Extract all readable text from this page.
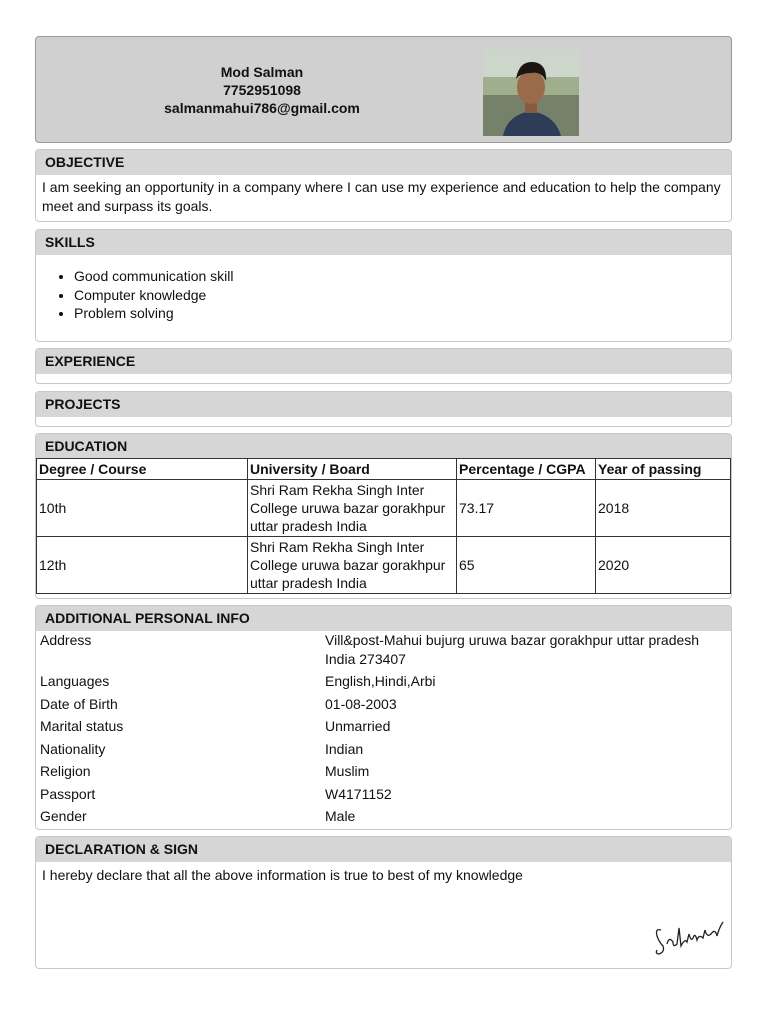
Mod Salman
7752951098
salmanmahui786@gmail.com
OBJECTIVE
I am seeking an opportunity in a company where I can use my experience and education to help the company meet and surpass its goals.
SKILLS
• Good communication skill
• Computer knowledge
• Problem solving
EXPERIENCE
PROJECTS
EDUCATION
Degree / Course	University / Board	Percentage / CGPA	Year of passing
10th	Shri Ram Rekha Singh Inter College uruwa bazar gorakhpur uttar pradesh India	73.17	2018
12th	Shri Ram Rekha Singh Inter College uruwa bazar gorakhpur uttar pradesh India	65	2020
ADDITIONAL PERSONAL INFO
Address	Vill&post-Mahui bujurg uruwa bazar gorakhpur uttar pradesh India 273407
Languages	English,Hindi,Arbi
Date of Birth	01-08-2003
Marital status	Unmarried
Nationality	Indian
Religion	Muslim
Passport	W4171152
Gender	Male
DECLARATION & SIGN
I hereby declare that all the above information is true to best of my knowledge
